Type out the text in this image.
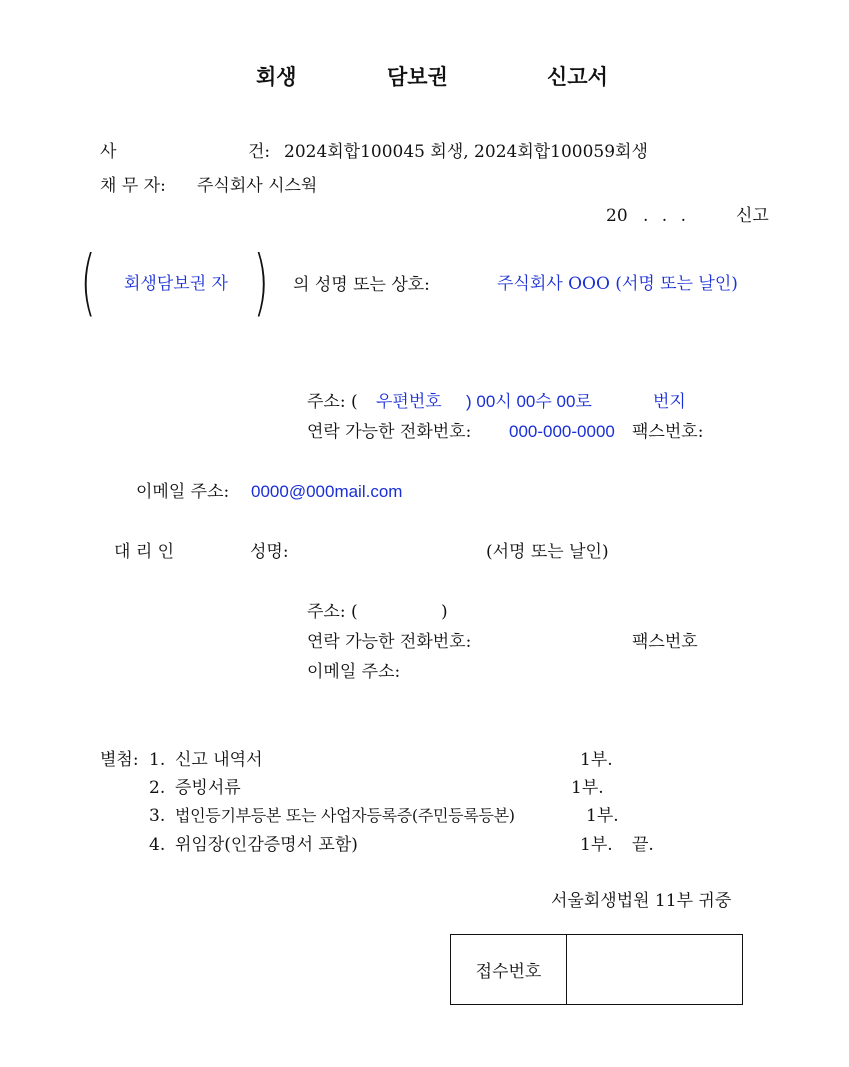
회생	담보권	신고서
사	건: 2024회합100045 회생, 2024회합100059회생
채 무 자: 주식회사 시스웍
20 . . .	신고
( 회생담보권 자 ) 의 성명 또는 상호:	주식회사 OOO (서명 또는 날인)
주소: ( 우편번호 ) 00시 00수 00로	번지
연락 가능한 전화번호: 000-000-0000 팩스번호:
이메일 주소: 0000@000mail.com
대 리 인	성명:	(서명 또는 날인)
주소: (	)
연락 가능한 전화번호:	팩스번호
이메일 주소:
별첨: 1. 신고 내역서	1부.
2. 증빙서류	1부.
3. 법인등기부등본 또는 사업자등록증(주민등록등본)	1부.
4. 위임장(인감증명서 포함)	1부. 끝.
서울회생법원 11부 귀중
접수번호	
